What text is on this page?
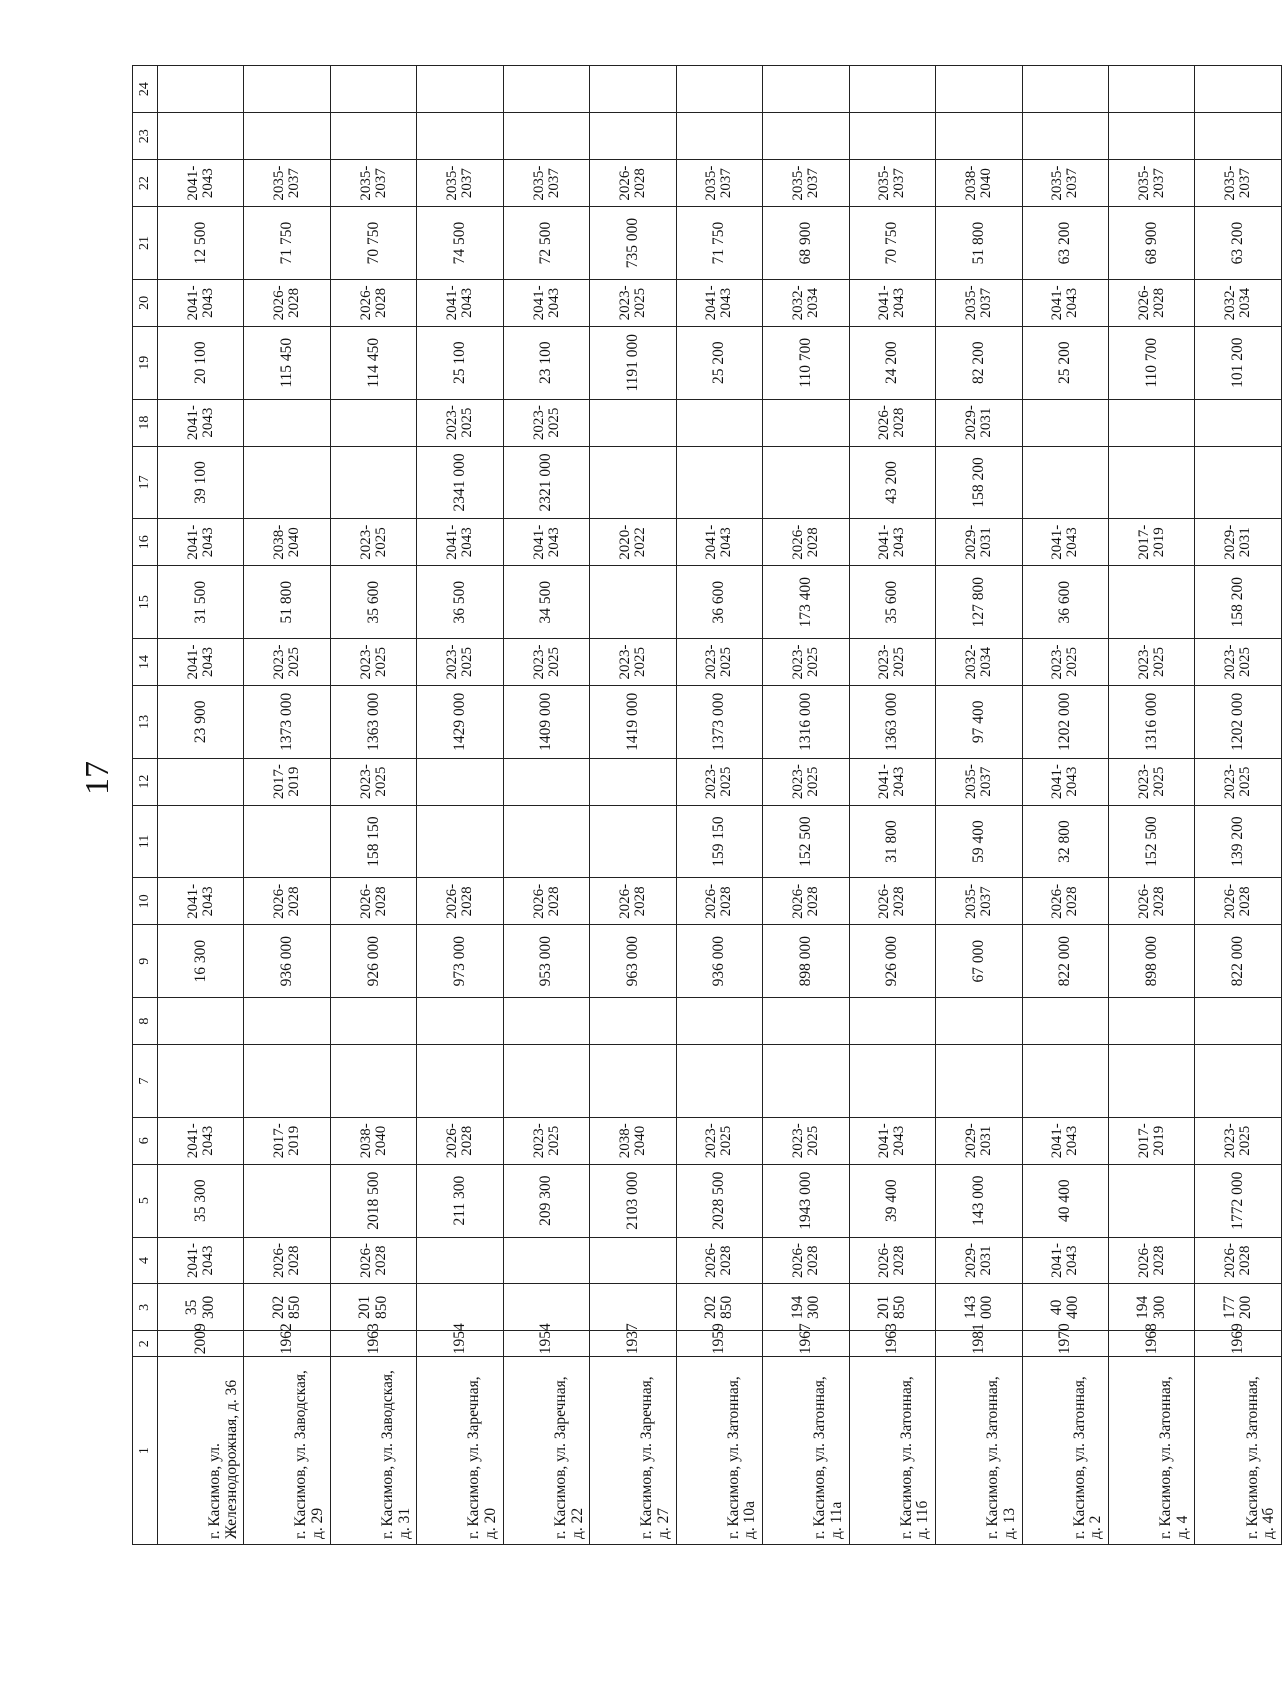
17
1	2	3	4	5	6	7	8	9	10	11	12	13	14	15	16	17	18	19	20	21	22	23	24
г. Касимов, ул. Железнодорожная, д. 36	2009	35 300	2041- 2043	35 300	2041- 2043			16 300	2041- 2043			23 900	2041- 2043	31 500	2041- 2043	39 100	2041- 2043	20 100	2041- 2043	12 500	2041- 2043		

г. Касимов, ул. Заводская, д. 29	1962	202 850	2026- 2028		2017- 2019			936 000	2026- 2028		2017- 2019	1373 000	2023- 2025	51 800	2038- 2040			115 450	2026- 2028	71 750	2035- 2037		

г. Касимов, ул. Заводская, д. 31	1963	201 850	2026- 2028	2018 500	2038- 2040			926 000	2026- 2028	158 150	2023- 2025	1363 000	2023- 2025	35 600	2023- 2025			114 450	2026- 2028	70 750	2035- 2037		

г. Касимов, ул. Заречная, д. 20	1954			211 300	2026- 2028			973 000	2026- 2028			1429 000	2023- 2025	36 500	2041- 2043	2341 000	2023- 2025	25 100	2041- 2043	74 500	2035- 2037		

г. Касимов, ул. Заречная, д. 22	1954			209 300	2023- 2025			953 000	2026- 2028			1409 000	2023- 2025	34 500	2041- 2043	2321 000	2023- 2025	23 100	2041- 2043	72 500	2035- 2037		

г. Касимов, ул. Заречная, д. 27	1937			2103 000	2038- 2040			963 000	2026- 2028			1419 000	2023- 2025		2020- 2022			1191 000	2023- 2025	735 000	2026- 2028		

г. Касимов, ул. Затонная, д. 10а	1959	202 850	2026- 2028	2028 500	2023- 2025			936 000	2026- 2028	159 150	2023- 2025	1373 000	2023- 2025	36 600	2041- 2043			25 200	2041- 2043	71 750	2035- 2037		

г. Касимов, ул. Затонная, д. 11а	1967	194 300	2026- 2028	1943 000	2023- 2025			898 000	2026- 2028	152 500	2023- 2025	1316 000	2023- 2025	173 400	2026- 2028			110 700	2032- 2034	68 900	2035- 2037		

г. Касимов, ул. Затонная, д. 11б	1963	201 850	2026- 2028	39 400	2041- 2043			926 000	2026- 2028	31 800	2041- 2043	1363 000	2023- 2025	35 600	2041- 2043	43 200	2026- 2028	24 200	2041- 2043	70 750	2035- 2037		

г. Касимов, ул. Затонная, д. 13	1981	143 000	2029- 2031	143 000	2029- 2031			67 000	2035- 2037	59 400	2035- 2037	97 400	2032- 2034	127 800	2029- 2031	158 200	2029- 2031	82 200	2035- 2037	51 800	2038- 2040		

г. Касимов, ул. Затонная, д. 2	1970	40 400	2041- 2043	40 400	2041- 2043			822 000	2026- 2028	32 800	2041- 2043	1202 000	2023- 2025	36 600	2041- 2043			25 200	2041- 2043	63 200	2035- 2037		

г. Касимов, ул. Затонная, д. 4	1968	194 300	2026- 2028		2017- 2019			898 000	2026- 2028	152 500	2023- 2025	1316 000	2023- 2025		2017- 2019			110 700	2026- 2028	68 900	2035- 2037		

г. Касимов, ул. Затонная, д. 4б	1969	177 200	2026- 2028	1772 000	2023- 2025			822 000	2026- 2028	139 200	2023- 2025	1202 000	2023- 2025	158 200	2029- 2031			101 200	2032- 2034	63 200	2035- 2037		
